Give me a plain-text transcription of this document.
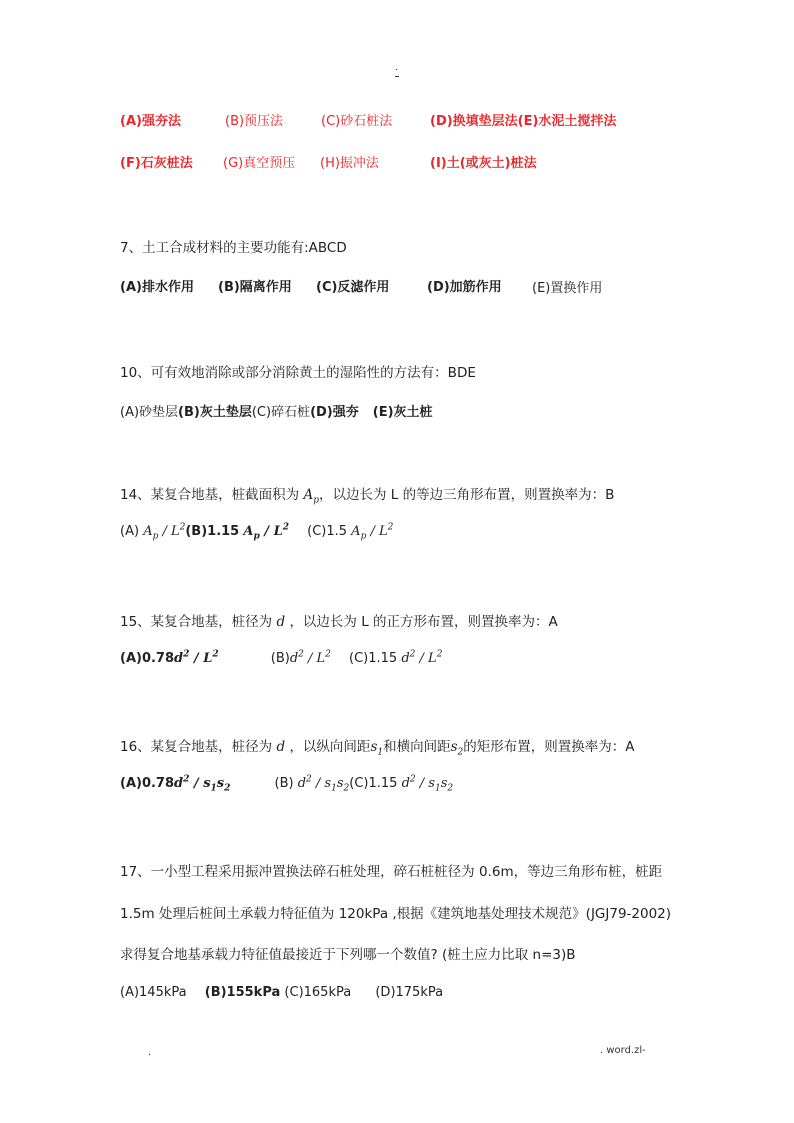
.
(A)强夯法	(B)预压法	(C)砂石桩法	(D)换填垫层法(E)水泥土搅拌法
(F)石灰桩法 (G)真空预压 (H)振冲法	(I)土(或灰土)桩法
7、土工合成材料的主要功能有:ABCD
(A)排水作用 (B)隔离作用 (C)反滤作用	(D)加筋作用 (E)置换作用
10、可有效地消除或部分消除黄土的湿陷性的方法有：BDE
(A)砂垫层(B)灰土垫层(C)碎石桩(D)强夯 (E)灰土桩
14、某复合地基，桩截面积为 $A_p$，以边长为 L 的等边三角形布置，则置换率为：B
(A) $A_p / L^2(B)1.15$ $A_p / L^2$ (C)1.5 $A_p / L^2$
15、某复合地基，桩径为 d ，以边长为 L 的正方形布置，则置换率为：A
$(A)0.78d^2 / L^2$	$(B)d^2 / L^2$ (C)1.15 $d^2 / L^2$
16、某复合地基，桩径为 d ，以纵向间距$s_1$和横向间距$s_2$的矩形布置，则置换率为：A
$(A)0.78d^2 / s_1s_2$	(B) $d^2 / s_1s_2(C)1.15$ $d^2 / s_1s_2$
17、一小型工程采用振冲置换法碎石桩处理，碎石桩桩径为 0.6m，等边三角形布桩，桩距
1.5m 处理后桩间土承载力特征值为 120kPa ,根据《建筑地基处理技术规范》(JGJ79-2002)
求得复合地基承载力特征值最接近于下列哪一个数值? (桩土应力比取 n=3)B
(A)145kPa (B)155kPa (C)165kPa (D)175kPa
.	. word.zl-
